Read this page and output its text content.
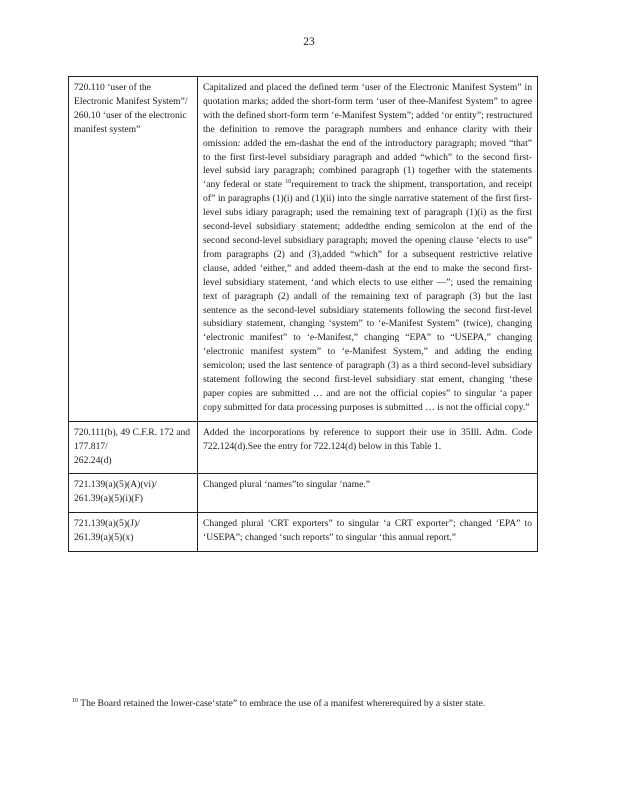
23
720.110 ‘user of the Electronic Manifest System”/
260.10 ‘user of the electronic manifest system”	Capitalized and placed the defined term ‘user of the Electronic Manifest System” in quotation marks; added the short-form term ‘user of thee-Manifest System” to agree with the defined short-form term ‘e-Manifest System”; added ‘or entity”; restructured the definition to remove the paragraph numbers and enhance clarity with their omission: added the em-dashat the end of the introductory paragraph; moved “that” to the first first-level subsidiary paragraph and added “which” to the second first-level subsid iary paragraph; combined paragraph (1) together with the statements ‘any federal or state $^{10}$requirement to track the shipment, transportation, and receipt of” in paragraphs (1)(i) and (1)(ii) into the single narrative statement of the first first-level subs idiary paragraph; used the remaining text of paragraph (1)(i) as the first second-level subsidiary statement; addedthe ending semicolon at the end of the second second-level subsidiary paragraph; moved the opening clause ‘elects to use” from paragraphs (2) and (3),added “which” for a subsequent restrictive relative clause, added ‘either,” and added theem-dash at the end to make the second first-level subsidiary statement, ‘and which elects to use either —”; used the remaining text of paragraph (2) andall of the remaining text of paragraph (3) but the last sentence as the second-level subsidiary statements following the second first-level subsidiary statement, changing ‘system” to ‘e-Manifest System” (twice), changing ‘electronic manifest” to ‘e-Manifest,” changing “EPA” to “USEPA,” changing ‘electronic manifest system” to ‘e-Manifest System,” and adding the ending semicolon; used the last sentence of paragraph (3) as a third second-level subsidiary statement following the second first-level subsidiary stat ement, changing ‘these paper copies are submitted … and are not the official copies” to singular ‘a paper copy submitted for data processing purposes is submitted … is not the official copy.”

720.111(b), 49 C.F.R. 172 and 177.817/
262.24(d)	Added the incorporations by reference to support their use in 35Ill. Adm. Code 722.124(d).See the entry for 722.124(d) below in this Table 1.

721.139(a)(5)(A)(vi)/
261.39(a)(5)(i)(F)	Changed plural ‘names”to singular ‘name.”

721.139(a)(5)(J)/
261.39(a)(5)(x)	Changed plural ‘CRT exporters” to singular ‘a CRT exporter”; changed ‘EPA” to ‘USEPA”; changed ‘such reports” to singular ‘this annual report.”
$^{10}$ The Board retained the lower-case‘state” to embrace the use of a manifest whererequired by a sister state.
